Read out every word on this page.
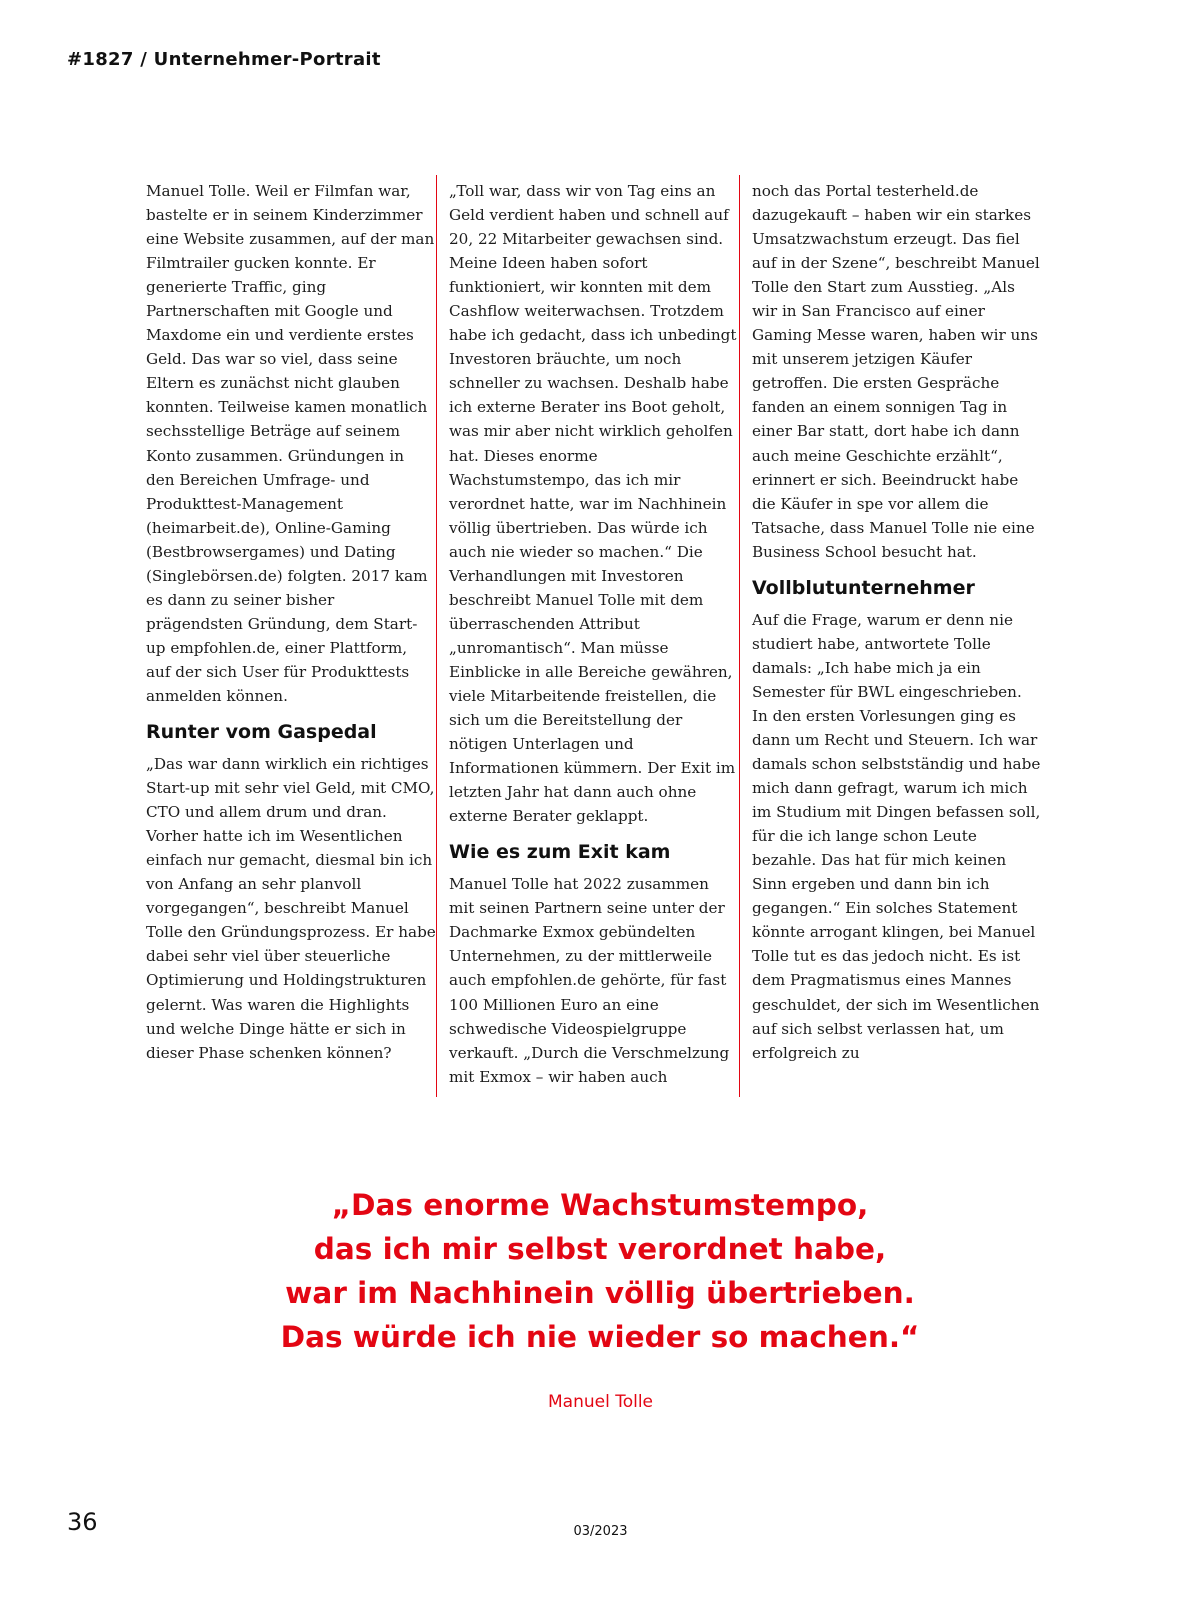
#1827 / Unternehmer-Portrait

Manuel Tolle. Weil er Filmfan war, bastelte er in seinem Kinderzimmer eine Website zusammen, auf der man Filmtrailer gucken konnte. Er generierte Traffic, ging Partnerschaften mit Google und Maxdome ein und verdiente erstes Geld. Das war so viel, dass seine Eltern es zunächst nicht glauben konnten. Teilweise kamen monatlich sechsstellige Beträge auf seinem Konto zusammen. Gründungen in den Bereichen Umfrage- und Produkttest-Management (heimarbeit.de), Online-Gaming (Bestbrowsergames) und Dating (Singlebörsen.de) folgten. 2017 kam es dann zu seiner bisher prägendsten Gründung, dem Start-up empfohlen.de, einer Plattform, auf der sich User für Produkttests anmelden können.

Runter vom Gaspedal

„Das war dann wirklich ein richtiges Start-up mit sehr viel Geld, mit CMO, CTO und allem drum und dran. Vorher hatte ich im Wesentlichen einfach nur gemacht, diesmal bin ich von Anfang an sehr planvoll vorgegangen“, beschreibt Manuel Tolle den Gründungsprozess. Er habe dabei sehr viel über steuerliche Optimierung und Holdingstrukturen gelernt. Was waren die Highlights und welche Dinge hätte er sich in dieser Phase schenken können?

„Toll war, dass wir von Tag eins an Geld verdient haben und schnell auf 20, 22 Mitarbeiter gewachsen sind. Meine Ideen haben sofort funktioniert, wir konnten mit dem Cashflow weiterwachsen. Trotzdem habe ich gedacht, dass ich unbedingt Investoren bräuchte, um noch schneller zu wachsen. Deshalb habe ich externe Berater ins Boot geholt, was mir aber nicht wirklich geholfen hat. Dieses enorme Wachstumstempo, das ich mir verordnet hatte, war im Nachhinein völlig übertrieben. Das würde ich auch nie wieder so machen.“ Die Verhandlungen mit Investoren beschreibt Manuel Tolle mit dem überraschenden Attribut „unromantisch“. Man müsse Einblicke in alle Bereiche gewähren, viele Mitarbeitende freistellen, die sich um die Bereitstellung der nötigen Unterlagen und Informationen kümmern. Der Exit im letzten Jahr hat dann auch ohne externe Berater geklappt.

Wie es zum Exit kam

Manuel Tolle hat 2022 zusammen mit seinen Partnern seine unter der Dachmarke Exmox gebündelten Unternehmen, zu der mittlerweile auch empfohlen.de gehörte, für fast 100 Millionen Euro an eine schwedische Videospielgruppe verkauft. „Durch die Verschmelzung mit Exmox – wir haben auch

noch das Portal testerheld.de dazugekauft – haben wir ein starkes Umsatzwachstum erzeugt. Das fiel auf in der Szene“, beschreibt Manuel Tolle den Start zum Ausstieg. „Als wir in San Francisco auf einer Gaming Messe waren, haben wir uns mit unserem jetzigen Käufer getroffen. Die ersten Gespräche fanden an einem sonnigen Tag in einer Bar statt, dort habe ich dann auch meine Geschichte erzählt“, erinnert er sich. Beeindruckt habe die Käufer in spe vor allem die Tatsache, dass Manuel Tolle nie eine Business School besucht hat.

Vollblutunternehmer

Auf die Frage, warum er denn nie studiert habe, antwortete Tolle damals: „Ich habe mich ja ein Semester für BWL eingeschrieben. In den ersten Vorlesungen ging es dann um Recht und Steuern. Ich war damals schon selbstständig und habe mich dann gefragt, warum ich mich im Studium mit Dingen befassen soll, für die ich lange schon Leute bezahle. Das hat für mich keinen Sinn ergeben und dann bin ich gegangen.“ Ein solches Statement könnte arrogant klingen, bei Manuel Tolle tut es das jedoch nicht. Es ist dem Pragmatismus eines Mannes geschuldet, der sich im Wesentlichen auf sich selbst verlassen hat, um erfolgreich zu

„Das enorme Wachstumstempo,
das ich mir selbst verordnet habe,
war im Nachhinein völlig übertrieben.
Das würde ich nie wieder so machen.“
Manuel Tolle
36	03/2023
